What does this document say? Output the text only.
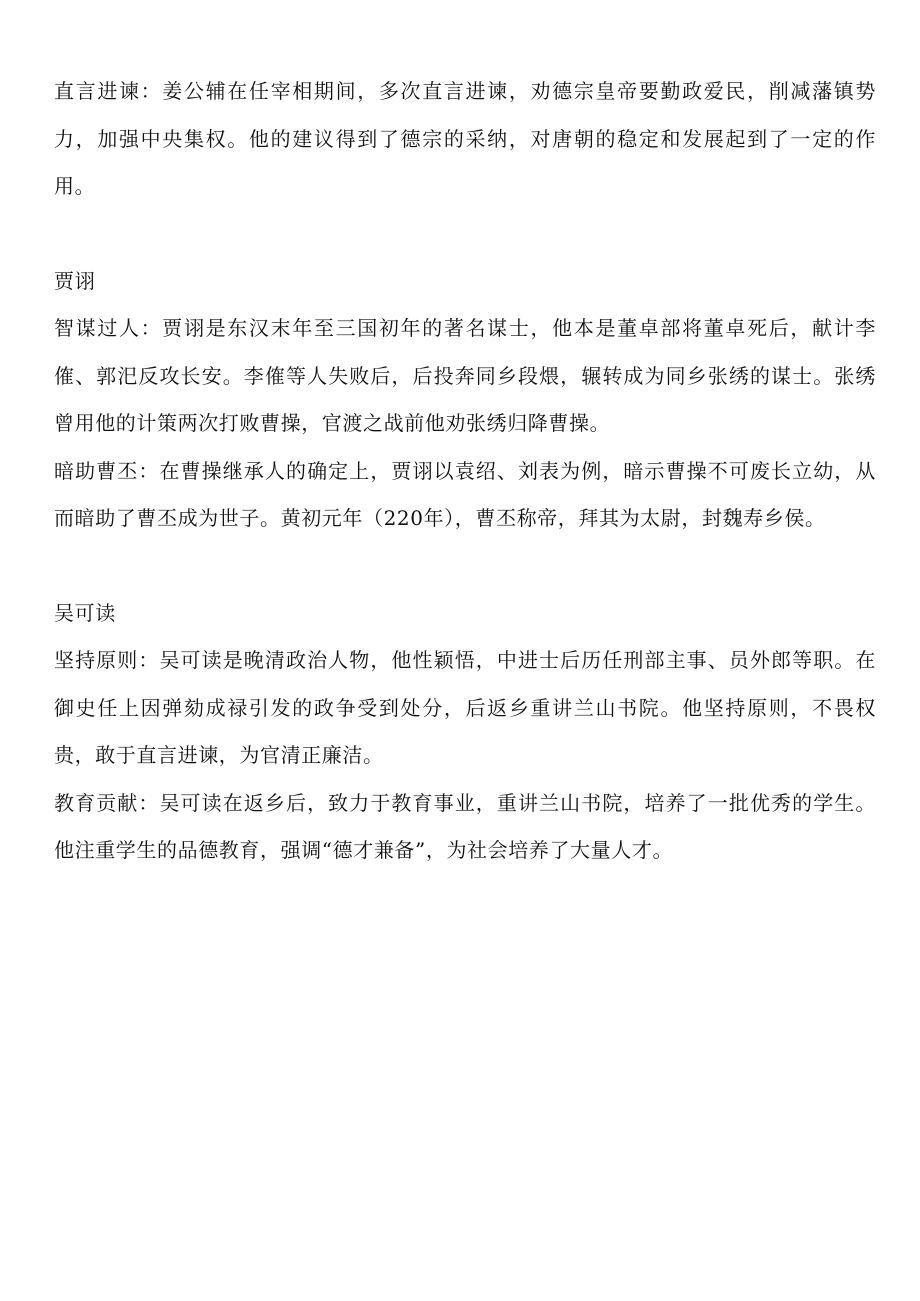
直言进谏：姜公辅在任宰相期间，多次直言进谏，劝德宗皇帝要勤政爱民，削减藩镇势力，加强中央集权。他的建议得到了德宗的采纳，对唐朝的稳定和发展起到了一定的作用。

贾诩

智谋过人：贾诩是东汉末年至三国初年的著名谋士，他本是董卓部将董卓死后，献计李傕、郭汜反攻长安。李傕等人失败后，后投奔同乡段煨，辗转成为同乡张绣的谋士。张绣曾用他的计策两次打败曹操，官渡之战前他劝张绣归降曹操。

暗助曹丕：在曹操继承人的确定上，贾诩以袁绍、刘表为例，暗示曹操不可废长立幼，从而暗助了曹丕成为世子。黄初元年（220年），曹丕称帝，拜其为太尉，封魏寿乡侯。

吴可读

坚持原则：吴可读是晚清政治人物，他性颖悟，中进士后历任刑部主事、员外郎等职。在御史任上因弹劾成禄引发的政争受到处分，后返乡重讲兰山书院。他坚持原则，不畏权贵，敢于直言进谏，为官清正廉洁。

教育贡献：吴可读在返乡后，致力于教育事业，重讲兰山书院，培养了一批优秀的学生。他注重学生的品德教育，强调“德才兼备”，为社会培养了大量人才。
